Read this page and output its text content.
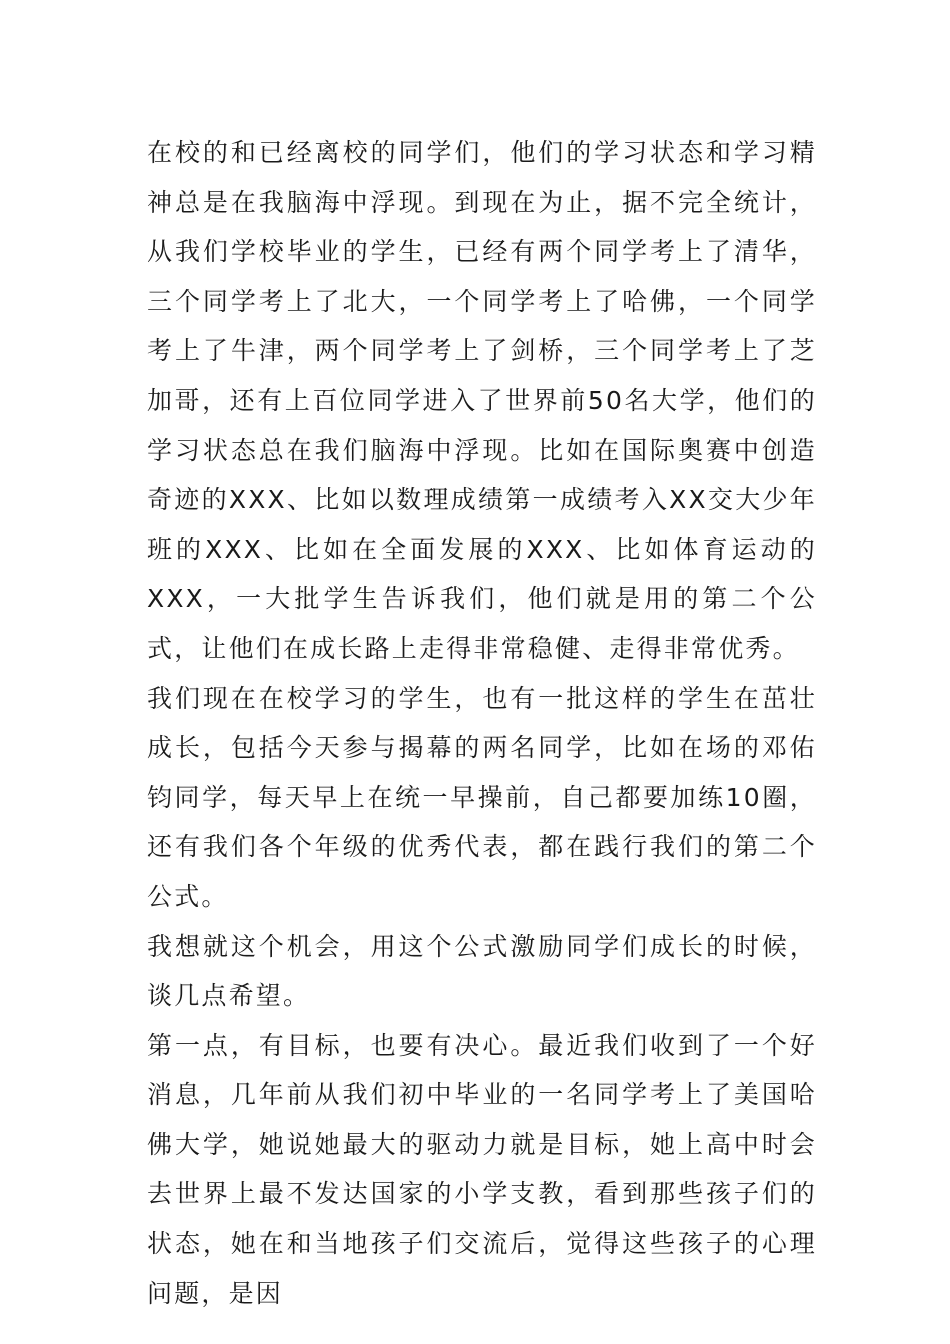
在校的和已经离校的同学们，他们的学习状态和学习精神总是在我脑海中浮现。到现在为止，据不完全统计，从我们学校毕业的学生，已经有两个同学考上了清华，三个同学考上了北大，一个同学考上了哈佛，一个同学考上了牛津，两个同学考上了剑桥，三个同学考上了芝加哥，还有上百位同学进入了世界前50名大学，他们的学习状态总在我们脑海中浮现。比如在国际奥赛中创造奇迹的XXX、比如以数理成绩第一成绩考入XX交大少年班的XXX、比如在全面发展的XXX、比如体育运动的XXX，一大批学生告诉我们，他们就是用的第二个公式，让他们在成长路上走得非常稳健、走得非常优秀。

我们现在在校学习的学生，也有一批这样的学生在茁壮成长，包括今天参与揭幕的两名同学，比如在场的邓佑钧同学，每天早上在统一早操前，自己都要加练10圈，还有我们各个年级的优秀代表，都在践行我们的第二个公式。

我想就这个机会，用这个公式激励同学们成长的时候，谈几点希望。

第一点，有目标，也要有决心。最近我们收到了一个好消息，几年前从我们初中毕业的一名同学考上了美国哈佛大学，她说她最大的驱动力就是目标，她上高中时会去世界上最不发达国家的小学支教，看到那些孩子们的状态，她在和当地孩子们交流后，觉得这些孩子的心理问题，是因
